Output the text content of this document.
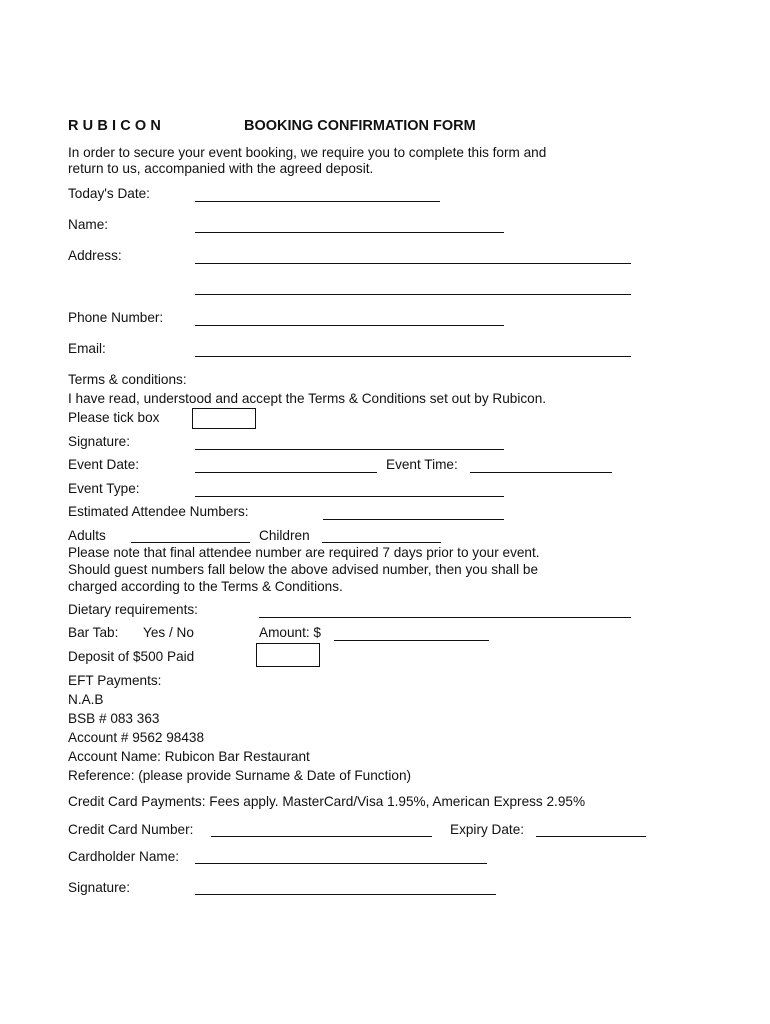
RUBICON	BOOKING CONFIRMATION FORM
In order to secure your event booking, we require you to complete this form and
return to us, accompanied with the agreed deposit.
Today's Date:
Name:
Address:
Phone Number:
Email:
Terms & conditions:
I have read, understood and accept the Terms & Conditions set out by Rubicon.
Please tick box
Signature:
Event Date:	Event Time:
Event Type:
Estimated Attendee Numbers:
Adults	Children
Please note that final attendee number are required 7 days prior to your event.
Should guest numbers fall below the above advised number, then you shall be
charged according to the Terms & Conditions.
Dietary requirements:
Bar Tab: Yes / No	Amount: $
Deposit of $500 Paid
EFT Payments:
N.A.B
BSB # 083 363
Account # 9562 98438
Account Name: Rubicon Bar Restaurant
Reference: (please provide Surname & Date of Function)
Credit Card Payments: Fees apply. MasterCard/Visa 1.95%, American Express 2.95%
Credit Card Number:	Expiry Date:
Cardholder Name:
Signature:
